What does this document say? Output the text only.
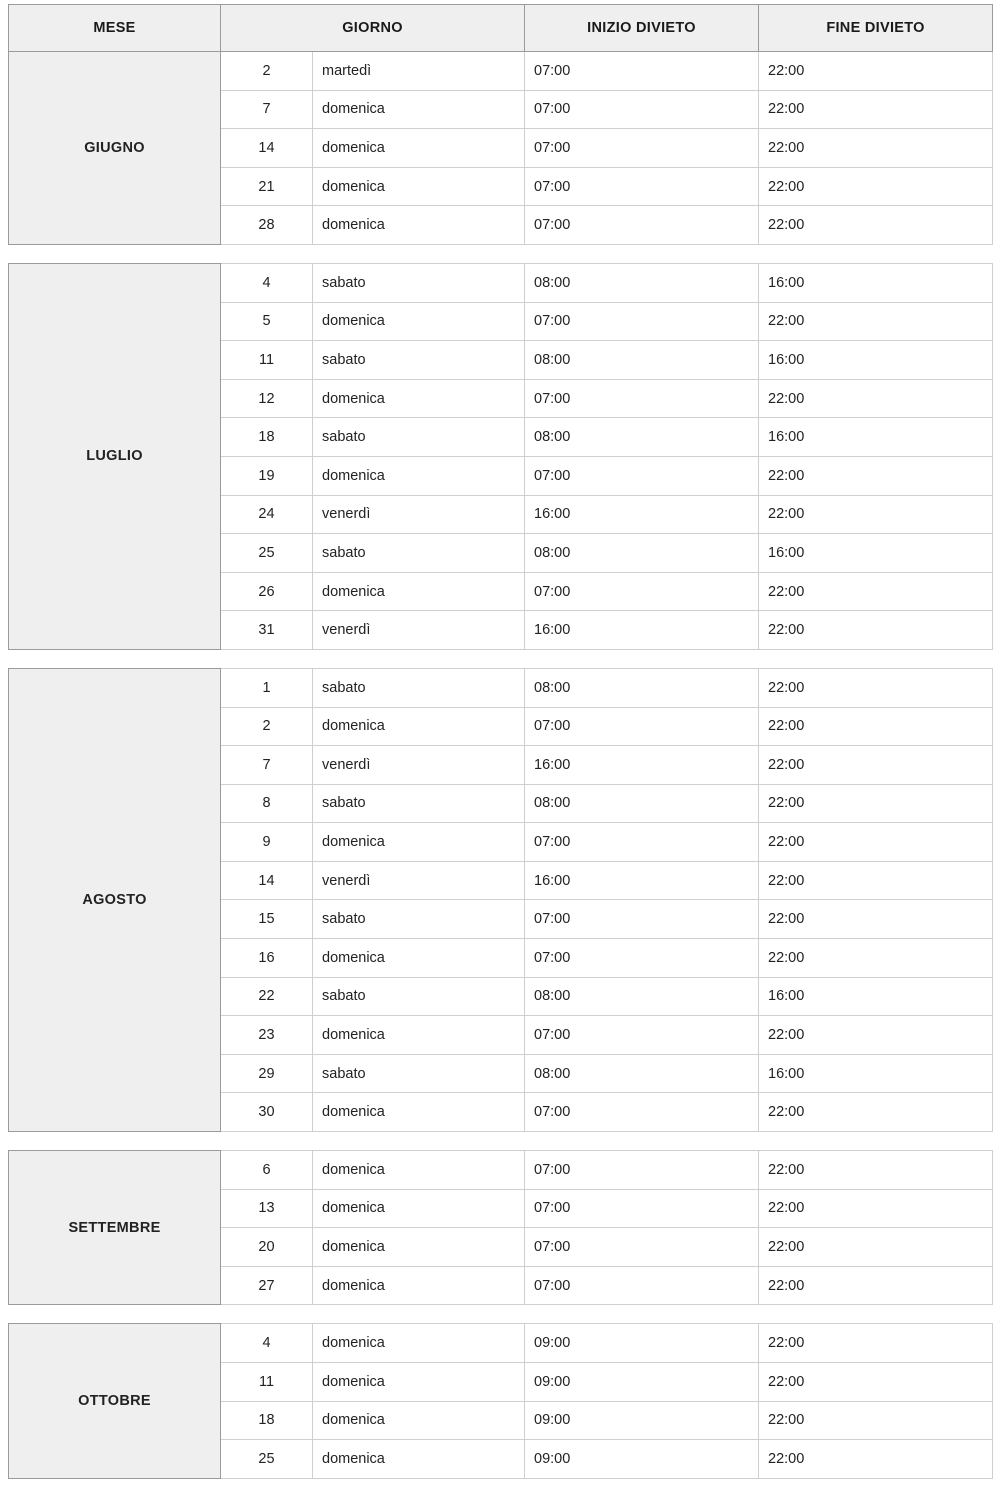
MESE	GIORNO		INIZIO DIVIETO	FINE DIVIETO
GIUGNO	2	martedì	07:00	22:00
	7	domenica	07:00	22:00
	14	domenica	07:00	22:00
	21	domenica	07:00	22:00
	28	domenica	07:00	22:00
LUGLIO	4	sabato	08:00	16:00
	5	domenica	07:00	22:00
	11	sabato	08:00	16:00
	12	domenica	07:00	22:00
	18	sabato	08:00	16:00
	19	domenica	07:00	22:00
	24	venerdì	16:00	22:00
	25	sabato	08:00	16:00
	26	domenica	07:00	22:00
	31	venerdì	16:00	22:00
AGOSTO	1	sabato	08:00	22:00
	2	domenica	07:00	22:00
	7	venerdì	16:00	22:00
	8	sabato	08:00	22:00
	9	domenica	07:00	22:00
	14	venerdì	16:00	22:00
	15	sabato	07:00	22:00
	16	domenica	07:00	22:00
	22	sabato	08:00	16:00
	23	domenica	07:00	22:00
	29	sabato	08:00	16:00
	30	domenica	07:00	22:00
SETTEMBRE	6	domenica	07:00	22:00
	13	domenica	07:00	22:00
	20	domenica	07:00	22:00
	27	domenica	07:00	22:00
OTTOBRE	4	domenica	09:00	22:00
	11	domenica	09:00	22:00
	18	domenica	09:00	22:00
	25	domenica	09:00	22:00
